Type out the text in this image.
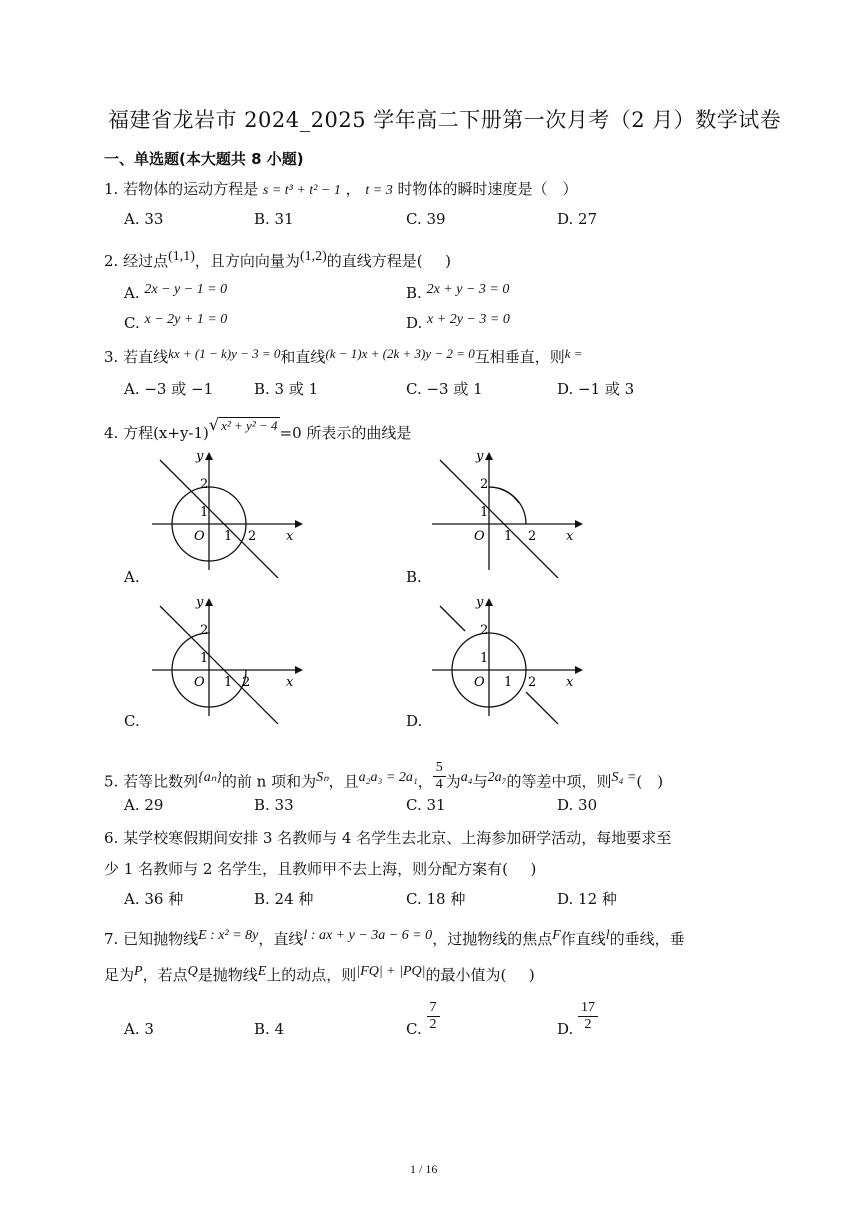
福建省龙岩市 2024_2025 学年高二下册第一次月考（2 月）数学试卷
一、单选题(本大题共 8 小题)
1. 若物体的运动方程是 s = t³ + t² − 1 ， t = 3 时物体的瞬时速度是（  ）
A. 33	B. 31	C. 39	D. 27
2. 经过点(1,1)，且方向向量为(1,2)的直线方程是(  )
A. 2x − y − 1 = 0	B. 2x + y − 3 = 0
C. x − 2y + 1 = 0	D. x + 2y − 3 = 0
3. 若直线kx + (1 − k)y − 3 = 0和直线(k − 1)x + (2k + 3)y − 2 = 0互相垂直，则k =
A. −3 或 −1	B. 3 或 1	C. −3 或 1	D. −1 或 3
4. 方程(x+y-1)√ x² + y² − 4 =0 所表示的曲线是
y
x
O 1 2
2
1
A.
y
x
O 1 2
2
1
B.
y
x
O 1 2
2
1
C.
y
x
O 1 2
2
1
D.
5. 若等比数列{aₙ}的前 n 项和为Sₙ，且a₂a₃ = 2a₁， $\frac{5}{4}$ 为a₄与2a₇的等差中项，则S₄ =( )
A. 29	B. 33	C. 31	D. 30
6. 某学校寒假期间安排 3 名教师与 4 名学生去北京、上海参加研学活动，每地要求至
少 1 名教师与 2 名学生，且教师甲不去上海，则分配方案有(  )
A. 36 种	B. 24 种	C. 18 种	D. 12 种
7. 已知抛物线E : x² = 8y，直线l : ax + y − 3a − 6 = 0，过抛物线的焦点F作直线l的垂线，垂
足为P，若点Q是抛物线E上的动点，则|FQ| + |PQ|的最小值为(  )
A. 3	B. 4	C. $\frac{7}{2}$	D. $\frac{17}{2}$
1 / 16
